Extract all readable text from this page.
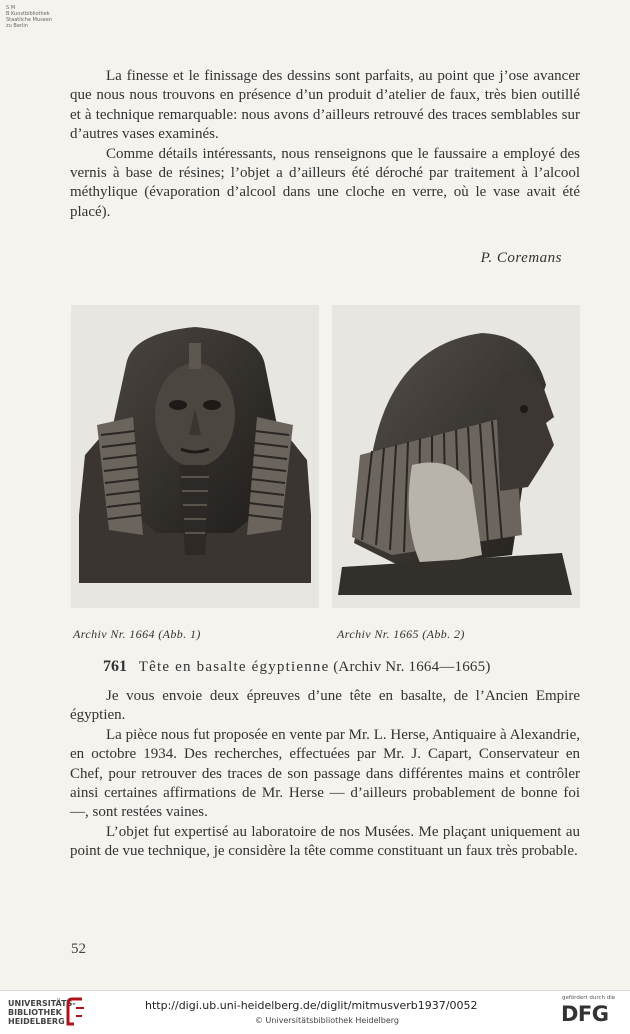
S M
B Kunstbibliothek
Staatliche Museen
zu Berlin

La finesse et le finissage des dessins sont parfaits, au point que j’ose avancer que nous nous trouvons en présence d’un produit d’atelier de faux, très bien outillé et à technique remarquable: nous avons d’ailleurs retrouvé des traces semblables sur d’autres vases examinés.

Comme détails intéressants, nous renseignons que le faussaire a employé des vernis à base de résines; l’objet a d’ailleurs été déroché par traitement à l’alcool méthylique (évaporation d’alcool dans une cloche en verre, où le vase avait été placé).

P. Coremans
Archiv Nr. 1664 (Abb. 1)	Archiv Nr. 1665 (Abb. 2)
761 Tête en basalte égyptienne (Archiv Nr. 1664—1665)

Je vous envoie deux épreuves d’une tête en basalte, de l’Ancien Empire égyptien.

La pièce nous fut proposée en vente par Mr. L. Herse, Antiquaire à Alexandrie, en octobre 1934. Des recherches, effectuées par Mr. J. Capart, Conservateur en Chef, pour retrouver des traces de son passage dans différentes mains et contrôler ainsi certaines affirmations de Mr. Herse — d’ailleurs probablement de bonne foi —, sont restées vaines.

L’objet fut expertisé au laboratoire de nos Musées. Me plaçant uniquement au point de vue technique, je considère la tête comme constituant un faux très probable.

52
UNIVERSITÄTS-
BIBLIOTHEK
HEIDELBERG
http://digi.ub.uni-heidelberg.de/diglit/mitmusverb1937/0052
© Universitätsbibliothek Heidelberg
gefördert durch die
DFG
